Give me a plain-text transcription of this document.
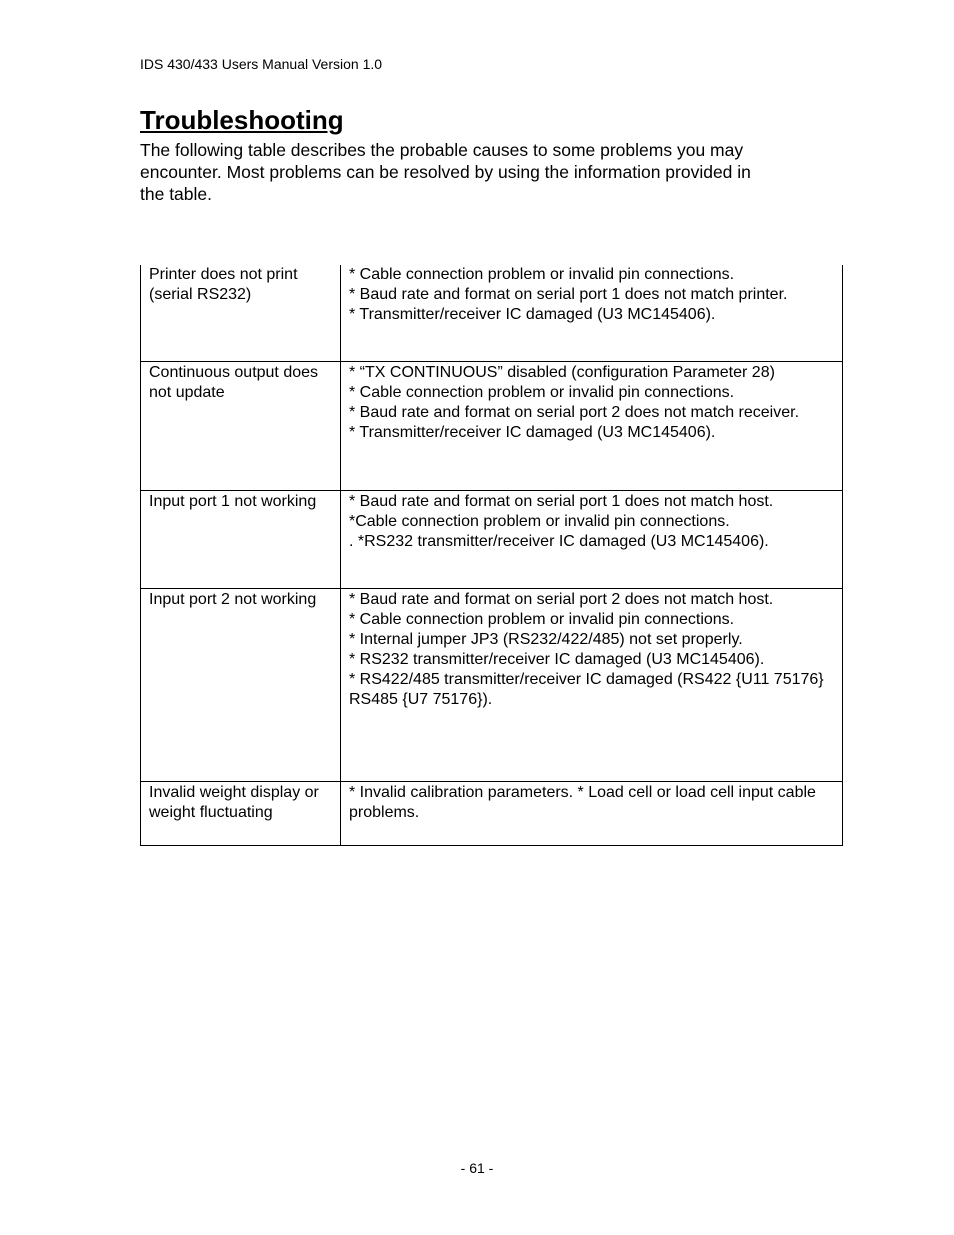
IDS 430/433 Users Manual Version 1.0
Troubleshooting

The following table describes the probable causes to some problems you may
encounter. Most problems can be resolved by using the information provided in
the table.

Printer does not print (serial RS232)	* Cable connection problem or invalid pin connections.
* Baud rate and format on serial port 1 does not match printer.
* Transmitter/receiver IC damaged (U3 MC145406).

Continuous output does not update	* “TX CONTINUOUS” disabled (configuration Parameter 28)
* Cable connection problem or invalid pin connections.
* Baud rate and format on serial port 2 does not match receiver.
* Transmitter/receiver IC damaged (U3 MC145406).

Input port 1 not working	* Baud rate and format on serial port 1 does not match host.
*Cable connection problem or invalid pin connections.
. *RS232 transmitter/receiver IC damaged (U3 MC145406).

Input port 2 not working	* Baud rate and format on serial port 2 does not match host.
* Cable connection problem or invalid pin connections.
* Internal jumper JP3 (RS232/422/485) not set properly.
* RS232 transmitter/receiver IC damaged (U3 MC145406).
* RS422/485 transmitter/receiver IC damaged (RS422 {U11 75176} RS485 {U7 75176}).

Invalid weight display or weight fluctuating	* Invalid calibration parameters. * Load cell or load cell input cable problems.
- 61 -
